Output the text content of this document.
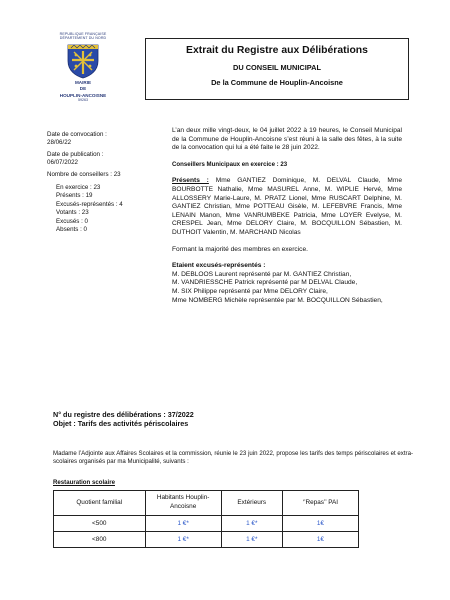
REPUBLIQUE FRANÇAISE
DÉPARTEMENT DU NORD
MAIRIE
DE
HOUPLIN-ANCOISNE
59263
Extrait du Registre aux Délibérations
DU CONSEIL MUNICIPAL
De la Commune de Houplin-Ancoisne
Date de convocation :
28/06/22
Date de publication :
06/07/2022
Nombre de conseillers : 23
En exercice : 23
Présents : 19
Excusés-représentés : 4
Votants : 23
Excusés : 0
Absents : 0

L’an deux mille vingt-deux, le 04 juillet 2022 à 19 heures, le Conseil Municipal de la Commune de Houplin-Ancoisne s’est réuni à la salle des fêtes, à la suite de la convocation qui lui a été faite le 28 juin 2022.

Conseillers Municipaux en exercice : 23

Présents : Mme GANTIEZ Dominique, M. DELVAL Claude, Mme BOURBOTTE Nathalie, Mme MASUREL Anne, M. WIPLIE Hervé, Mme ALLOSSERY Marie-Laure, M. PRATZ Lionel, Mme RUSCART Delphine, M. GANTIEZ Christian, Mme POTTEAU Gisèle, M. LEFEBVRE Francis, Mme LENAIN Manon, Mme VANRUMBEKE Patricia, Mme LOYER Evelyse, M. CRESPEL Jean, Mme DELORY Claire, M. BOCQUILLON Sébastien, M. DUTHOIT Valentin, M. MARCHAND Nicolas

Formant la majorité des membres en exercice.

Etaient excusés-représentés :

M. DEBLOOS Laurent représenté par M. GANTIEZ Christian,
M. VANDRIESSCHE Patrick représenté par M DELVAL Claude,
M. SIX Philippe représenté par Mme DELORY Claire,
Mme NOMBERG Michèle représentée par M. BOCQUILLON Sébastien,
N° du registre des délibérations : 37/2022
Objet : Tarifs des activités périscolaires
Madame l’Adjointe aux Affaires Scolaires et la commission, réunie le 23 juin 2022, propose les tarifs des temps périscolaires et extra-scolaires organisés par ma Municipalité, suivants :
Restauration scolaire
Quotient familial	Habitants Houplin-Ancoisne	Extérieurs	‘’Repas’’ PAI
<500	1 €*	1 €*	1€
<800	1 €*	1 €*	1€
